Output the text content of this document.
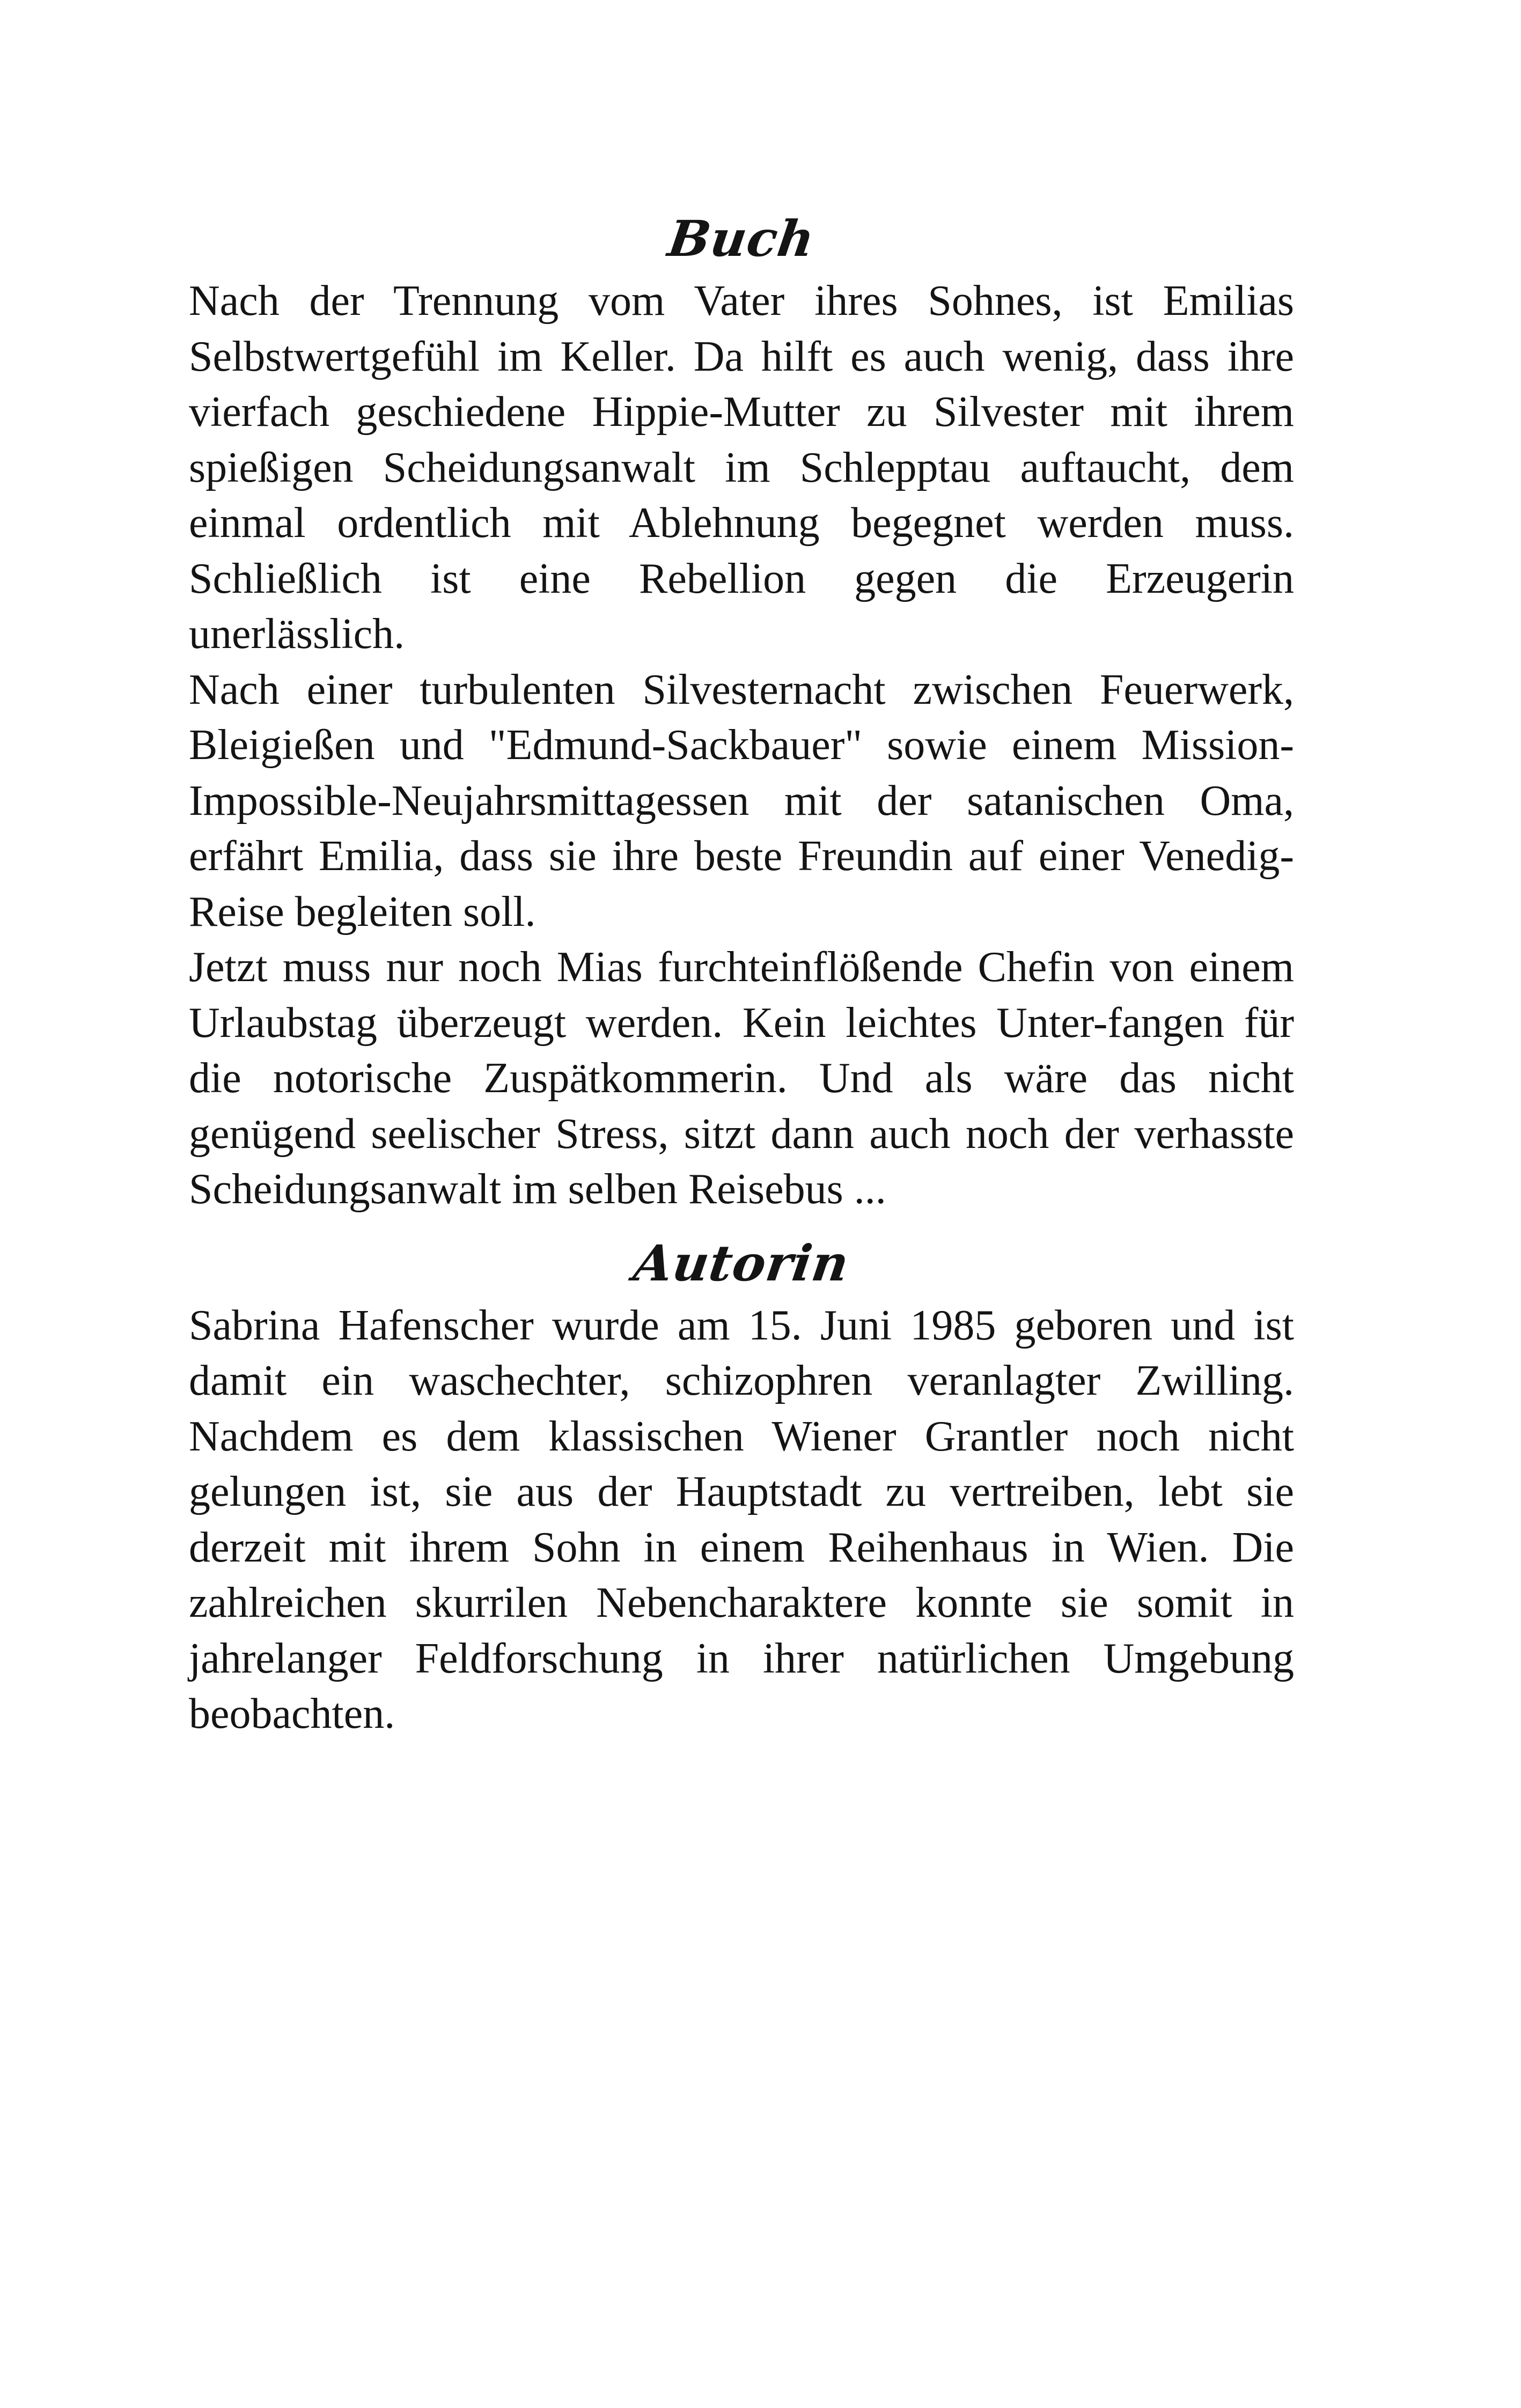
Buch

Nach der Trennung vom Vater ihres Sohnes, ist Emilias Selbstwertgefühl im Keller. Da hilft es auch wenig, dass ihre vierfach geschiedene Hippie-Mutter zu Silvester mit ihrem spießigen Scheidungsanwalt im Schlepptau auftaucht, dem einmal ordentlich mit Ablehnung begegnet werden muss. Schließlich ist eine Rebellion gegen die Erzeugerin unerlässlich.

Nach einer turbulenten Silvesternacht zwischen Feuerwerk, Bleigießen und "Edmund-Sackbauer" sowie einem Mission-Impossible-Neujahrsmittagessen mit der satanischen Oma, erfährt Emilia, dass sie ihre beste Freundin auf einer Venedig-Reise begleiten soll.

Jetzt muss nur noch Mias furchteinflößende Chefin von einem Urlaubstag überzeugt werden. Kein leichtes Unter-fangen für die notorische Zuspätkommerin. Und als wäre das nicht genügend seelischer Stress, sitzt dann auch noch der verhasste Scheidungsanwalt im selben Reisebus ...

Autorin

Sabrina Hafenscher wurde am 15. Juni 1985 geboren und ist damit ein waschechter, schizophren veranlagter Zwilling. Nachdem es dem klassischen Wiener Grantler noch nicht gelungen ist, sie aus der Hauptstadt zu vertreiben, lebt sie derzeit mit ihrem Sohn in einem Reihenhaus in Wien. Die zahlreichen skurrilen Nebencharaktere konnte sie somit in jahrelanger Feldforschung in ihrer natürlichen Umgebung beobachten.
